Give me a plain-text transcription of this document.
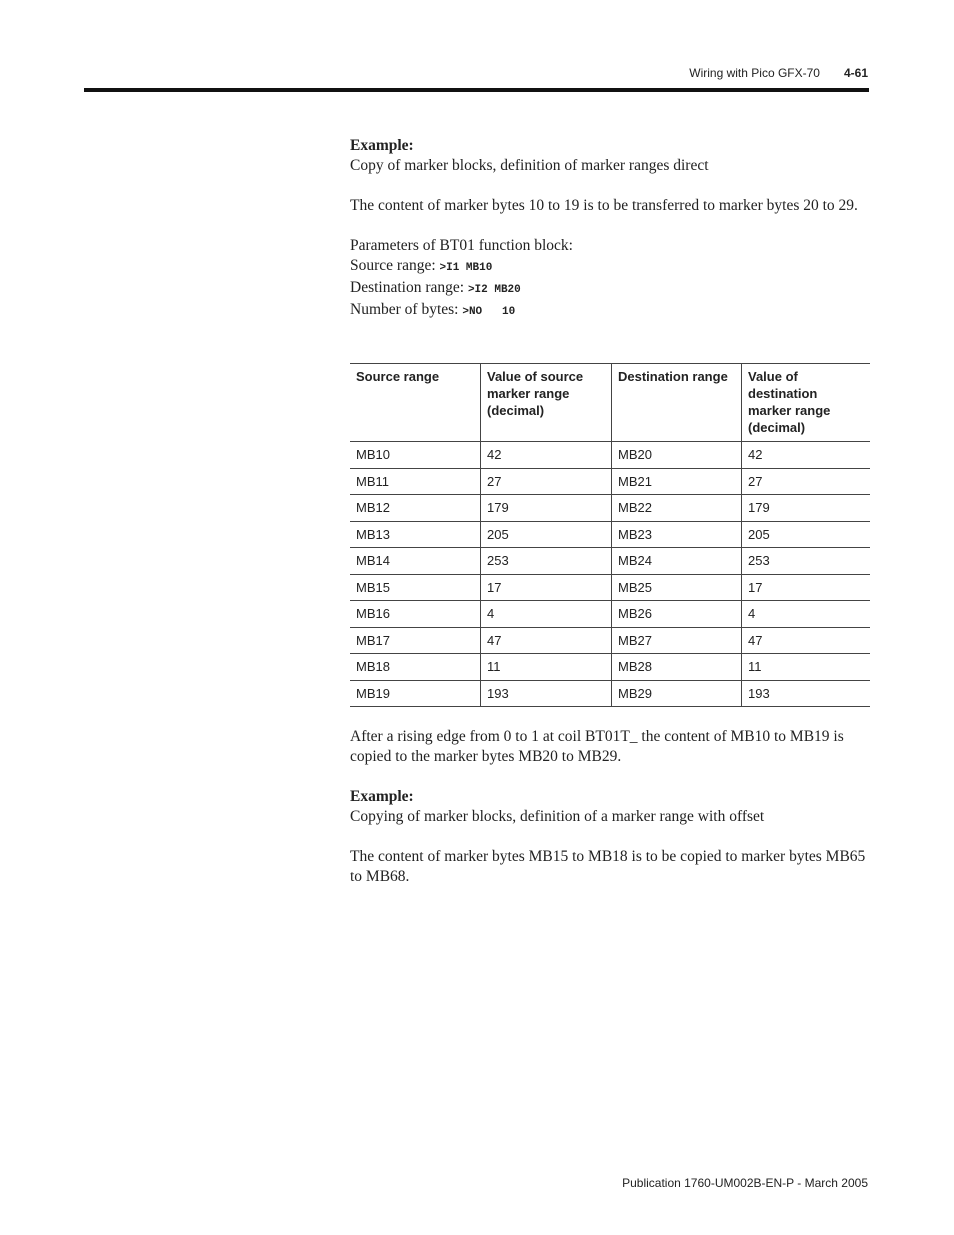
Wiring with Pico GFX-70 4-61

Example:

Copy of marker blocks, definition of marker ranges direct

The content of marker bytes 10 to 19 is to be transferred to marker bytes 20 to 29.

Parameters of BT01 function block:

Source range: >I1 MB10

Destination range: >I2 MB20

Number of bytes: >NO   10

Source range	Value of source marker range (decimal)	Destination range	Value of destination marker range (decimal)
MB10	42	MB20	42
MB11	27	MB21	27
MB12	179	MB22	179
MB13	205	MB23	205
MB14	253	MB24	253
MB15	17	MB25	17
MB16	4	MB26	4
MB17	47	MB27	47
MB18	11	MB28	11
MB19	193	MB29	193

After a rising edge from 0 to 1 at coil BT01T_ the content of MB10 to MB19 is copied to the marker bytes MB20 to MB29.

Example:

Copying of marker blocks, definition of a marker range with offset

The content of marker bytes MB15 to MB18 is to be copied to marker bytes MB65 to MB68.

Publication 1760-UM002B-EN-P - March 2005
